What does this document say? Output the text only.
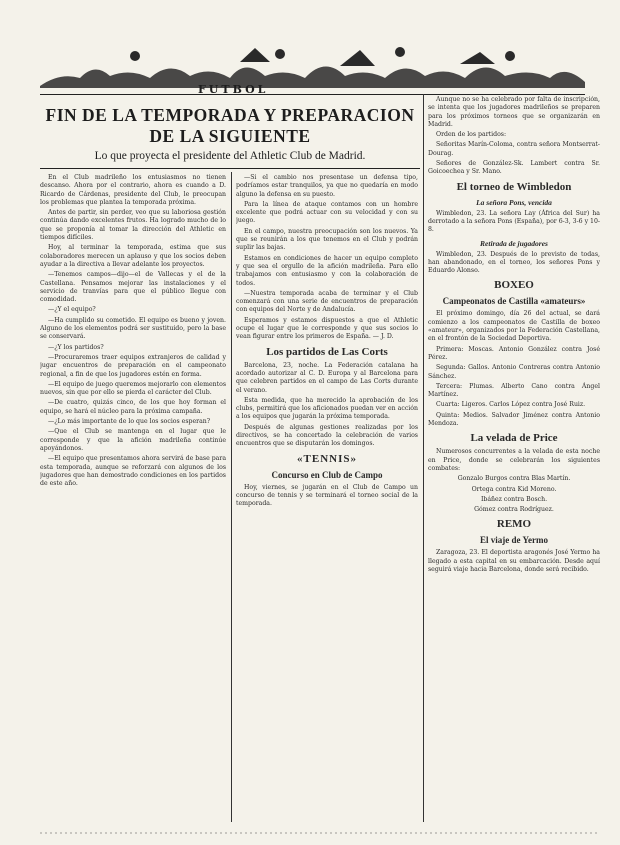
FUTBOL
FIN DE LA TEMPORADA Y PREPARACION DE LA SIGUIENTE
Lo que proyecta el presidente del Athletic Club de Madrid.

En el Club madrileño los entusiasmos no tienen descanso. Ahora por el contrario, ahora es cuando a D. Ricardo de Cárdenas, presidente del Club, le preocupan los problemas que plantea la temporada próxima.

Antes de partir, sin perder, veo que su laboriosa gestión continúa dando excelentes frutos. Ha logrado mucho de lo que se proponía al tomar la dirección del Athletic en tiempos difíciles.

Hoy, al terminar la temporada, estima que sus colaboradores merecen un aplauso y que los socios deben ayudar a la directiva a llevar adelante los proyectos.

—Tenemos campos—dijo—el de Vallecas y el de la Castellana. Pensamos mejorar las instalaciones y el servicio de tranvías para que el público llegue con comodidad.

—¿Y el equipo?

—Ha cumplido su cometido. El equipo es bueno y joven. Alguno de los elementos podrá ser sustituido, pero la base se conservará.

—¿Y los partidos?

—Procuraremos traer equipos extranjeros de calidad y jugar encuentros de preparación en el campeonato regional, a fin de que los jugadores estén en forma.

—El equipo de juego queremos mejorarlo con elementos nuevos, sin que por ello se pierda el carácter del Club.

—De cuatro, quizás cinco, de los que hoy forman el equipo, se hará el núcleo para la próxima campaña.

—¿Lo más importante de lo que los socios esperan?

—Que el Club se mantenga en el lugar que le corresponde y que la afición madrileña continúe apoyándonos.

—El equipo que presentamos ahora servirá de base para esta temporada, aunque se reforzará con algunos de los jugadores que han demostrado condiciones en los partidos de este año.

—Si el cambio nos presentase un defensa tipo, podríamos estar tranquilos, ya que no quedaría en modo alguno la defensa en su puesto.

Para la línea de ataque contamos con un hombre excelente que podrá actuar con su velocidad y con su juego.

En el campo, nuestra preocupación son los nuevos. Ya que se reunirán a los que tenemos en el Club y podrán suplir las bajas.

Estamos en condiciones de hacer un equipo completo y que sea el orgullo de la afición madrileña. Para ello trabajamos con entusiasmo y con la colaboración de todos.

—Nuestra temporada acaba de terminar y el Club comenzará con una serie de encuentros de preparación con equipos del Norte y de Andalucía.

Esperamos y estamos dispuestos a que el Athletic ocupe el lugar que le corresponde y que sus socios lo vean figurar entre los primeros de España. — J. D.

Los partidos de Las Corts

Barcelona, 23, noche. La Federación catalana ha acordado autorizar al C. D. Europa y al Barcelona para que celebren partidos en el campo de Las Corts durante el verano.

Esta medida, que ha merecido la aprobación de los clubs, permitirá que los aficionados puedan ver en acción a los equipos que jugarán la próxima temporada.

Después de algunas gestiones realizadas por los directivos, se ha concertado la celebración de varios encuentros que se disputarán los domingos.

«TENNIS»
Concurso en Club de Campo

Hoy, viernes, se jugarán en el Club de Campo un concurso de tennis y se terminará el torneo social de la temporada.

Aunque no se ha celebrado por falta de inscripción, se intenta que los jugadores madrileños se preparen para los próximos torneos que se organizarán en Madrid.

Orden de los partidos:

Señoritas Marín-Coloma, contra señora Montserrat-Dourag.

Señores de González-Sk. Lambert contra Sr. Goicoechea y Sr. Mano.

El torneo de Wimbledon
La señora Pons, vencida

Wimbledon, 23. La señora Lay (África del Sur) ha derrotado a la señora Pons (España), por 6-3, 3-6 y 10-8.

Retirada de jugadores

Wimbledon, 23. Después de lo previsto de todas, han abandonado, en el torneo, los señores Pons y Eduardo Alonso.

BOXEO
Campeonatos de Castilla «amateurs»

El próximo domingo, día 26 del actual, se dará comienzo a los campeonatos de Castilla de boxeo «amateur», organizados por la Federación Castellana, en el frontón de la Sociedad Deportiva.

Primera: Moscas. Antonio González contra José Pérez.

Segunda: Gallos. Antonio Contreras contra Antonio Sánchez.

Tercera: Plumas. Alberto Cano contra Ángel Martínez.

Cuarta: Ligeros. Carlos López contra José Ruiz.

Quinta: Medios. Salvador Jiménez contra Antonio Mendoza.

La velada de Price

Numerosos concurrentes a la velada de esta noche en Price, donde se celebrarán los siguientes combates:

Gonzalo Burgos contra Blas Martín.

Ortega contra Kid Moreno.

Ibáñez contra Bosch.

Gómez contra Rodríguez.

REMO
El viaje de Yermo

Zaragoza, 23. El deportista aragonés José Yermo ha llegado a esta capital en su embarcación. Desde aquí seguirá viaje hacia Barcelona, donde será recibido.
